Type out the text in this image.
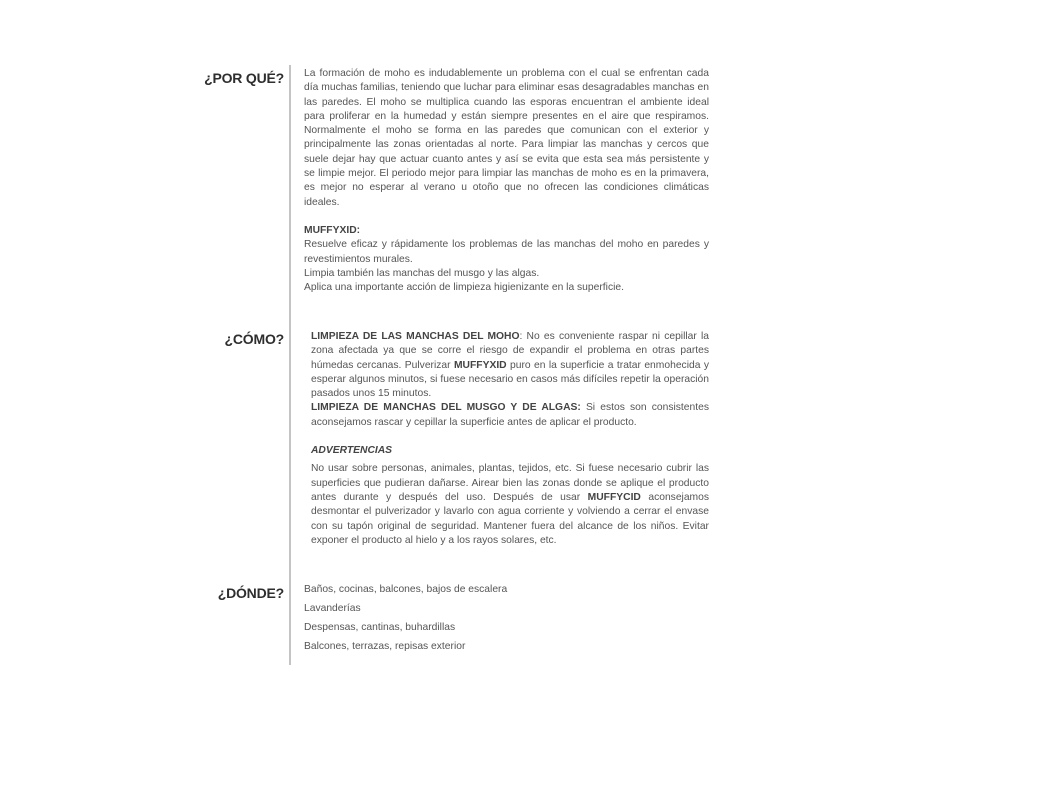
¿POR QUÉ? La formación de moho es indudablemente un problema con el cual se enfrentan cada día muchas familias, teniendo que luchar para eliminar esas desagradables manchas en las paredes. El moho se multiplica cuando las esporas encuentran el ambiente ideal para proliferar en la humedad y están siempre presentes en el aire que respiramos. Normalmente el moho se forma en las paredes que comunican con el exterior y principalmente las zonas orientadas al norte. Para limpiar las manchas y cercos que suele dejar hay que actuar cuanto antes y así se evita que esta sea más persistente y se limpie mejor. El periodo mejor para limpiar las manchas de moho es en la primavera, es mejor no esperar al verano u otoño que no ofrecen las condiciones climáticas ideales.

MUFFYXID:

Resuelve eficaz y rápidamente los problemas de las manchas del moho en paredes y revestimientos murales.

Limpia también las manchas del musgo y las algas.

Aplica una importante acción de limpieza higienizante en la superficie.

¿CÓMO?	LIMPIEZA DE LAS MANCHAS DEL MOHO: No es conveniente raspar ni cepillar la zona afectada ya que se corre el riesgo de expandir el problema en otras partes húmedas cercanas. Pulverizar MUFFYXID puro en la superficie a tratar enmohecida y esperar algunos minutos, si fuese necesario en casos más difíciles repetir la operación pasados unos 15 minutos.

LIMPIEZA DE MANCHAS DEL MUSGO Y DE ALGAS: Si estos son consistentes aconsejamos rascar y cepillar la superficie antes de aplicar el producto.

ADVERTENCIAS

No usar sobre personas, animales, plantas, tejidos, etc. Si fuese necesario cubrir las superficies que pudieran dañarse. Airear bien las zonas donde se aplique el producto antes durante y después del uso. Después de usar MUFFYCID aconsejamos desmontar el pulverizador y lavarlo con agua corriente y volviendo a cerrar el envase con su tapón original de seguridad. Mantener fuera del alcance de los niños. Evitar exponer el producto al hielo y a los rayos solares, etc.

¿DÓNDE? Baños, cocinas, balcones, bajos de escalera
Lavanderías
Despensas, cantinas, buhardillas
Balcones, terrazas, repisas exterior
